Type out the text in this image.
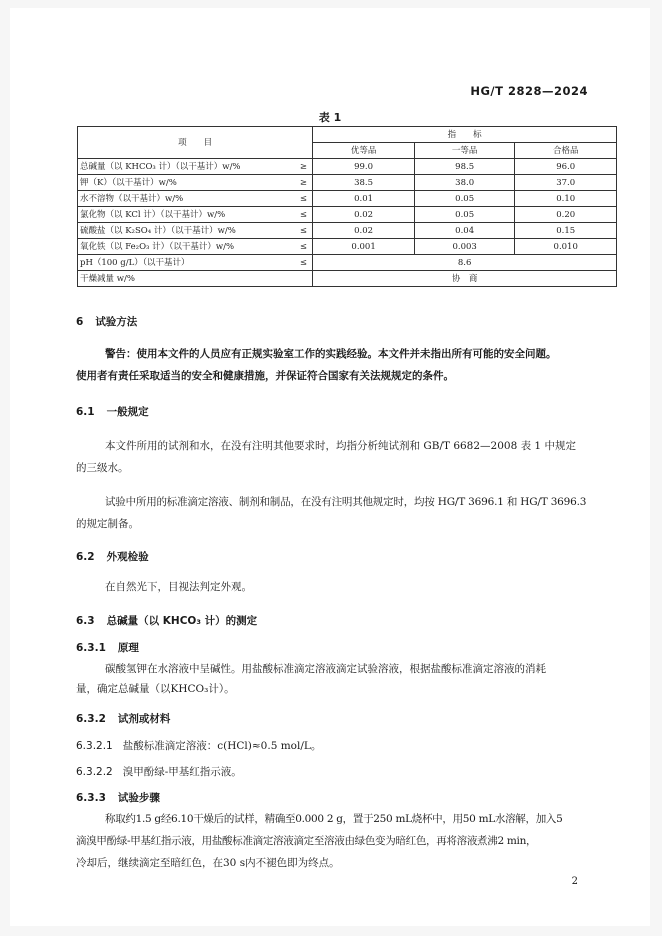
HG/T 2828—2024
表 1
项　　目		指　　标		
		优等品	一等品	合格品
总碱量（以 KHCO₃ 计）（以干基计）w/%	≥	99.0	98.5	96.0
钾（K）（以干基计）w/%	≥	38.5	38.0	37.0
水不溶物（以干基计）w/%	≤	0.01	0.05	0.10
氯化物（以 KCl 计）（以干基计）w/%	≤	0.02	0.05	0.20
硫酸盐（以 K₂SO₄ 计）（以干基计）w/%	≤	0.02	0.04	0.15
氧化铁（以 Fe₂O₃ 计）（以干基计）w/%	≤	0.001	0.003	0.010
pH（100 g/L）（以干基计）	≤	8.6		
干燥减量 w/%		协　商		
6 试验方法
警告：使用本文件的人员应有正规实验室工作的实践经验。本文件并未指出所有可能的安全问题。
使用者有责任采取适当的安全和健康措施，并保证符合国家有关法规规定的条件。
6.1 一般规定
本文件所用的试剂和水，在没有注明其他要求时，均指分析纯试剂和 GB/T 6682—2008 表 1 中规定
的三级水。
试验中所用的标准滴定溶液、制剂和制品，在没有注明其他规定时，均按 HG/T 3696.1 和 HG/T 3696.3
的规定制备。
6.2 外观检验
在自然光下，目视法判定外观。
6.3 总碱量（以 KHCO₃ 计）的测定
6.3.1 原理
碳酸氢钾在水溶液中呈碱性。用盐酸标准滴定溶液滴定试验溶液，根据盐酸标准滴定溶液的消耗
量，确定总碱量（以KHCO₃计）。
6.3.2 试剂或材料
6.3.2.1 盐酸标准滴定溶液：c(HCl)≈0.5 mol/L。
6.3.2.2 溴甲酚绿-甲基红指示液。
6.3.3 试验步骤
称取约1.5 g经6.10干燥后的试样，精确至0.000 2 g，置于250 mL烧杯中，用50 mL水溶解，加入5
滴溴甲酚绿-甲基红指示液，用盐酸标准滴定溶液滴定至溶液由绿色变为暗红色，再将溶液煮沸2 min，
冷却后，继续滴定至暗红色，在30 s内不褪色即为终点。
2
